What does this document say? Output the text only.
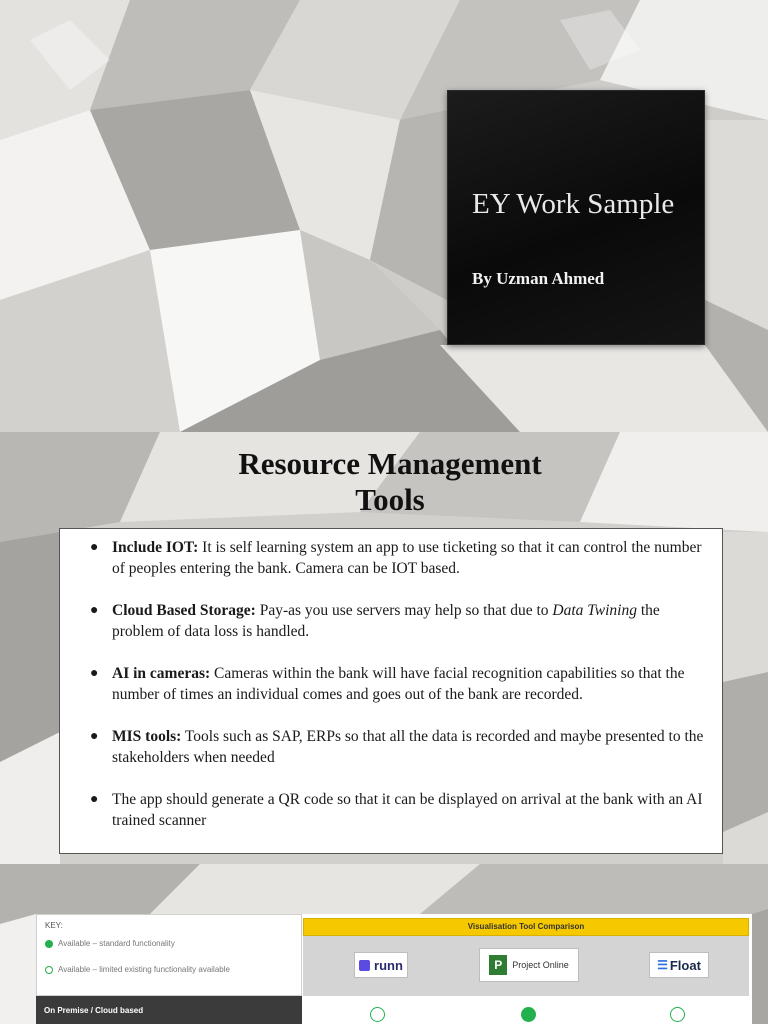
EY Work Sample
By Uzman Ahmed
Resource Management
Tools
● Include IOT: It is self learning system an app to use ticketing so that it can control the number of peoples entering the bank. Camera can be IOT based.
● Cloud Based Storage: Pay-as you use servers may help so that due to Data Twining the problem of data loss is handled.
● AI in cameras: Cameras within the bank will have facial recognition capabilities so that the number of times an individual comes and goes out of the bank are recorded.
● MIS tools: Tools such as SAP, ERPs so that all the data is recorded and maybe presented to the stakeholders when needed
● The app should generate a QR code so that it can be displayed on arrival at the bank with an AI trained scanner
KEY:
Available – standard functionality
Available – limited existing functionality available
Visualisation Tool Comparison
runn	P	Project Online	☰ Float
On Premise / Cloud based
